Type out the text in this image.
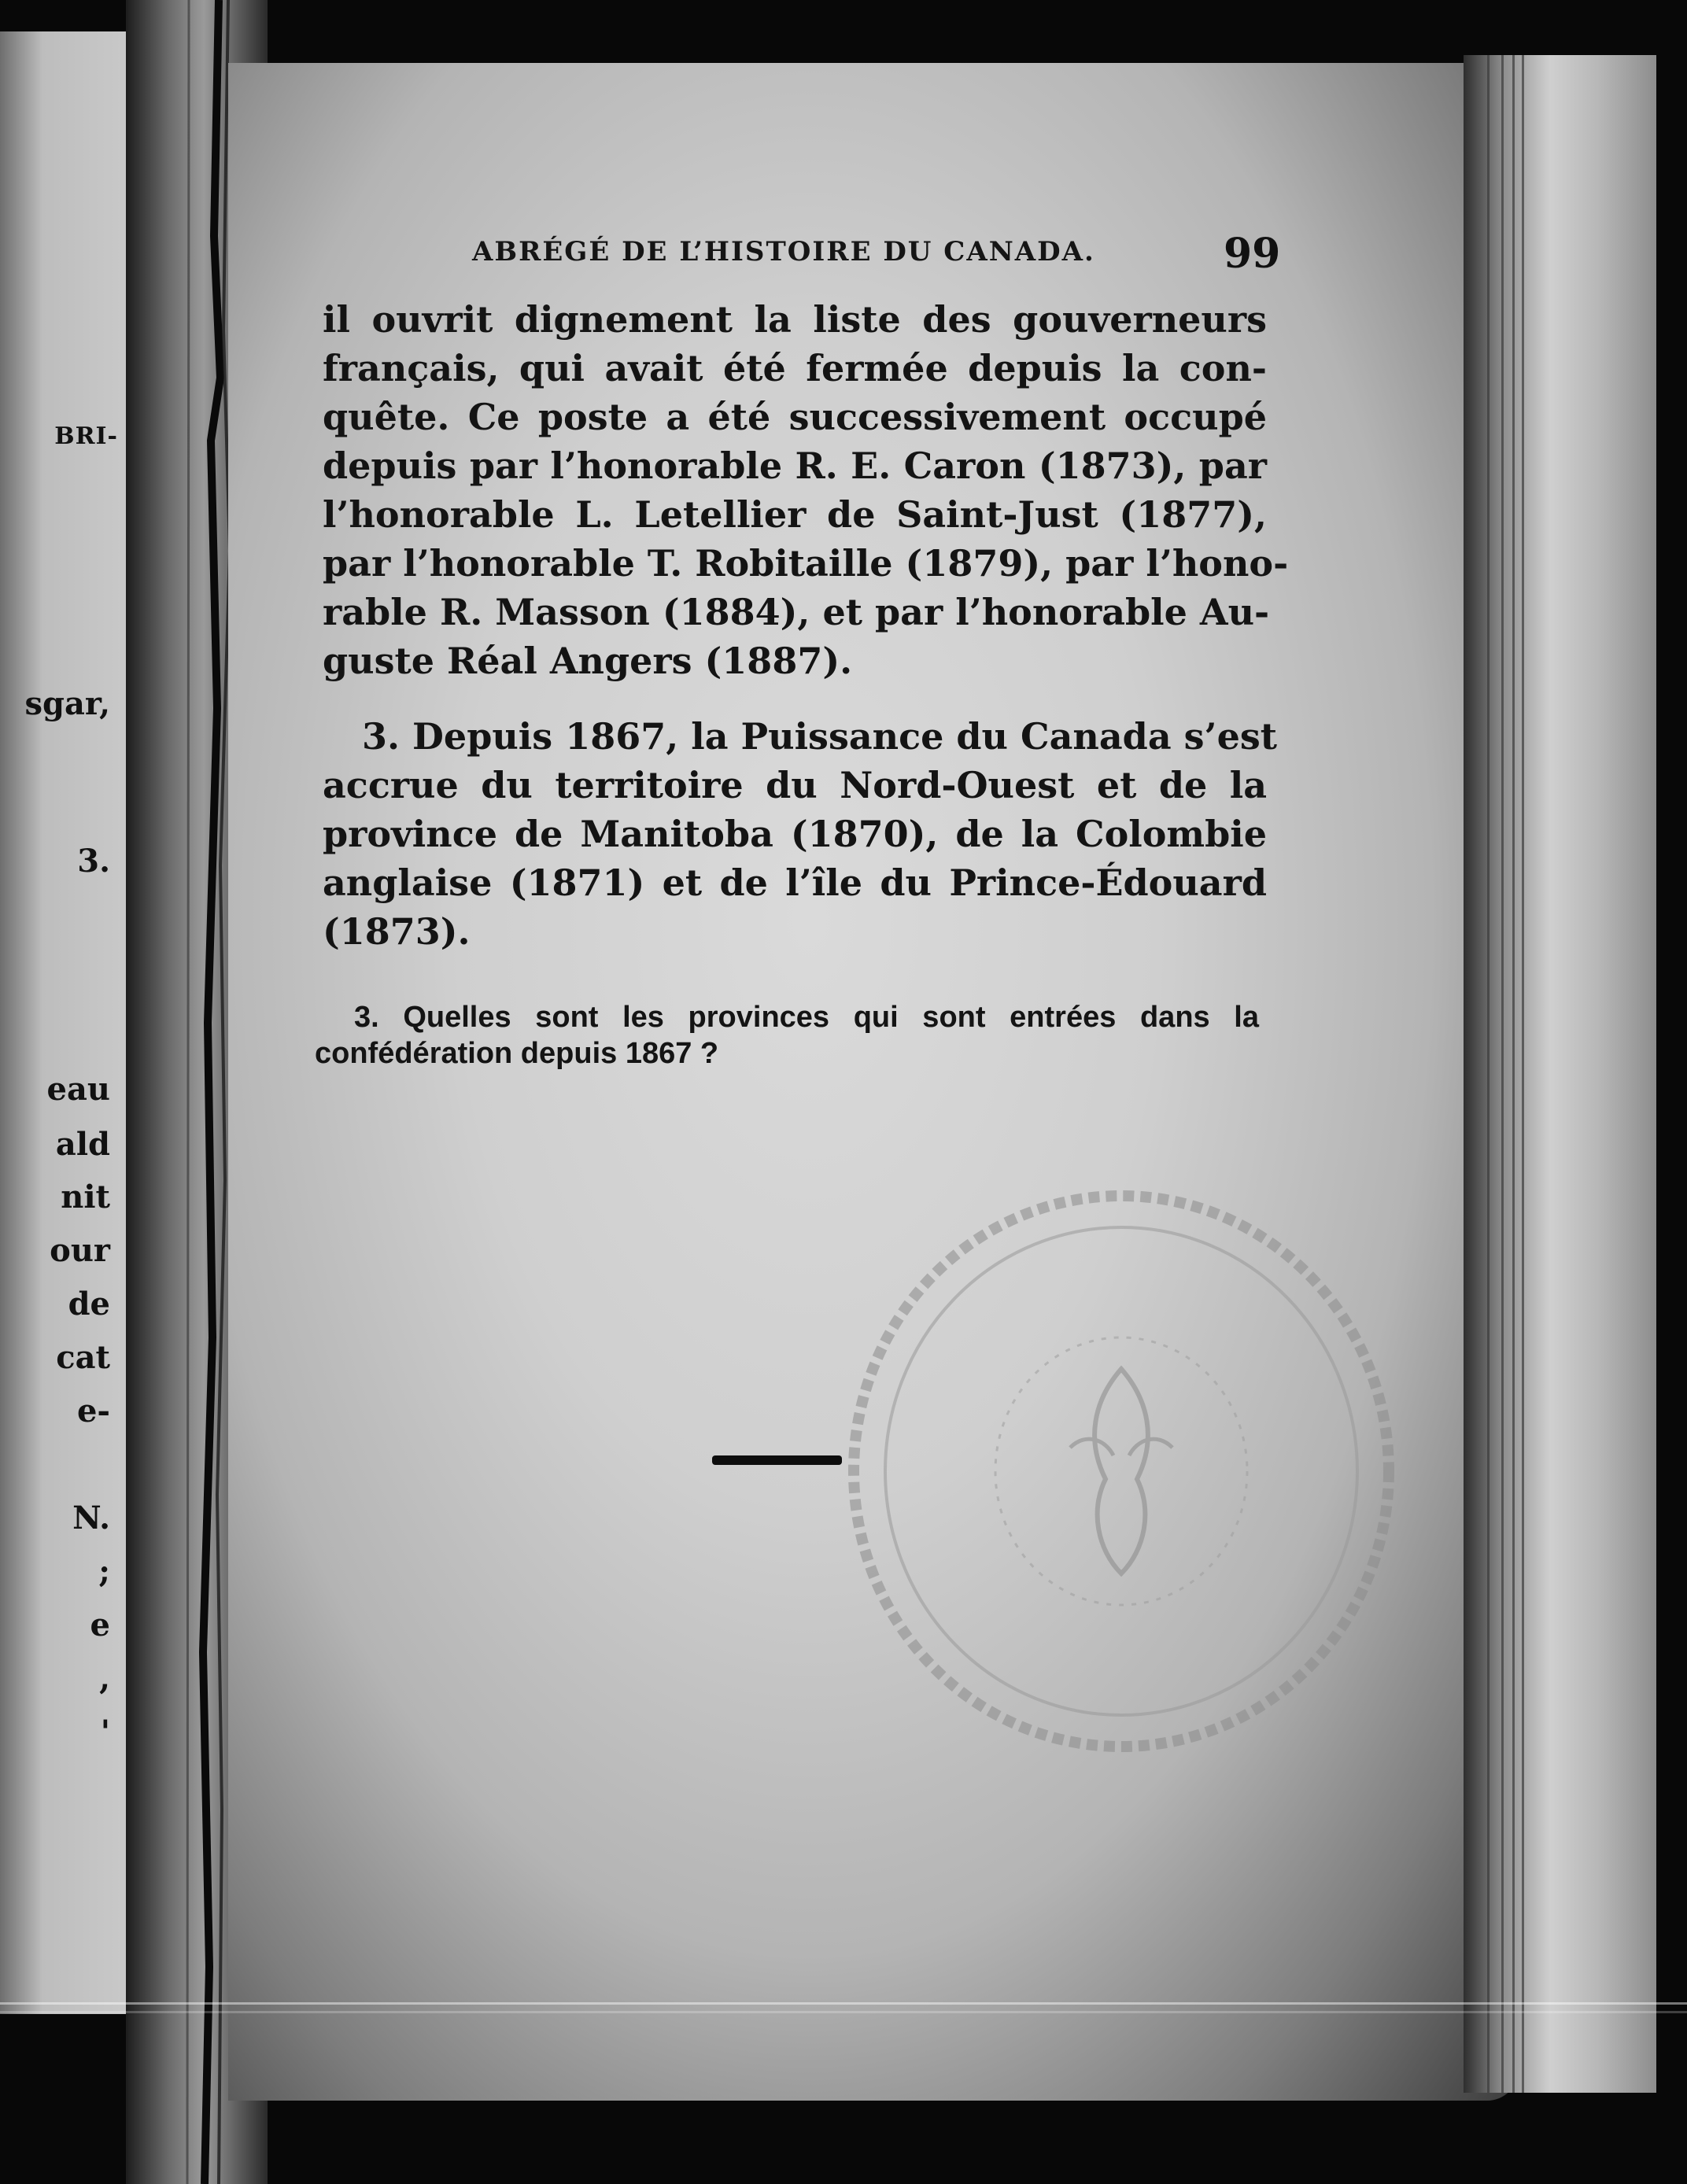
BRI-
sgar,
3.
eau
ald
nit
our
de
cat
e-
N.
;
e
,
'
ABRÉGÉ DE L’HISTOIRE DU CANADA.	99
il ouvrit dignement la liste des gouverneurs
français, qui avait été fermée depuis la con-
quête. Ce poste a été successivement occupé
depuis par l’honorable R. E. Caron (1873), par
l’honorable L. Letellier de Saint-Just (1877),
par l’honorable T. Robitaille (1879), par l’hono-
rable R. Masson (1884), et par l’honorable Au-
guste Réal Angers (1887).
3. Depuis 1867, la Puissance du Canada s’est
accrue du territoire du Nord-Ouest et de la
province de Manitoba (1870), de la Colombie
anglaise (1871) et de l’île du Prince-Édouard
(1873).
3. Quelles sont les provinces qui sont entrées dans la
confédération depuis 1867 ?
